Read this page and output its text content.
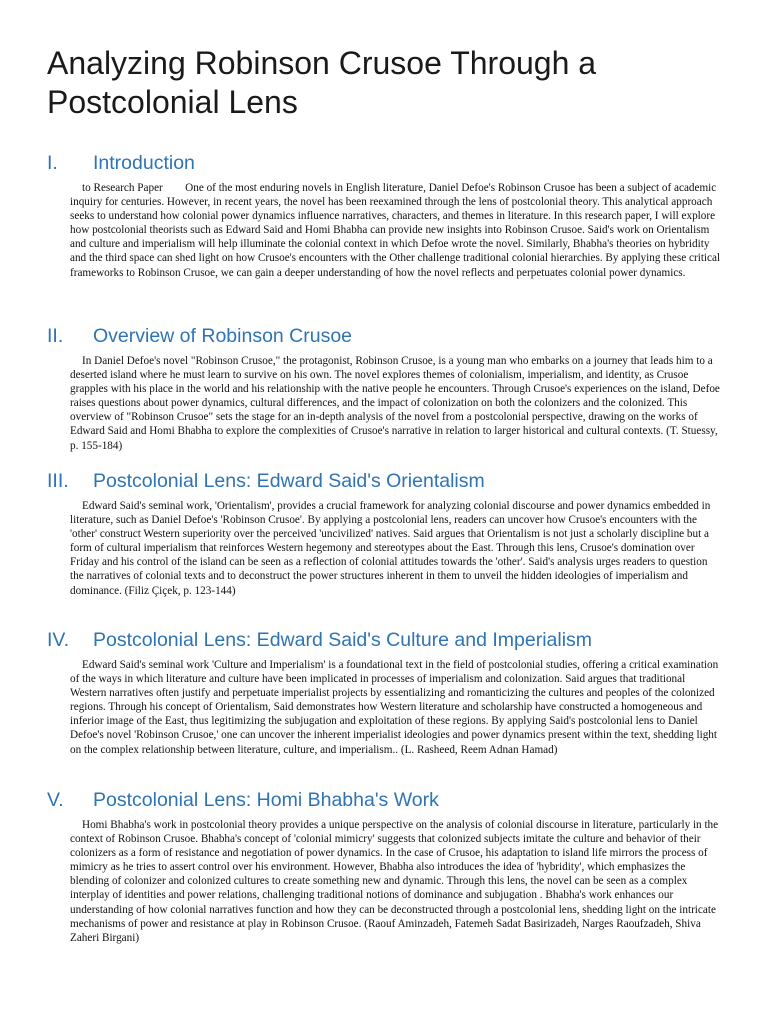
Analyzing Robinson Crusoe Through a Postcolonial Lens
I. Introduction

to Research Paper  One of the most enduring novels in English literature, Daniel Defoe's Robinson Crusoe has been a subject of academic inquiry for centuries. However, in recent years, the novel has been reexamined through the lens of postcolonial theory. This analytical approach seeks to understand how colonial power dynamics influence narratives, characters, and themes in literature. In this research paper, I will explore how postcolonial theorists such as Edward Said and Homi Bhabha can provide new insights into Robinson Crusoe. Said's work on Orientalism and culture and imperialism will help illuminate the colonial context in which Defoe wrote the novel. Similarly, Bhabha's theories on hybridity and the third space can shed light on how Crusoe's encounters with the Other challenge traditional colonial hierarchies. By applying these critical frameworks to Robinson Crusoe, we can gain a deeper understanding of how the novel reflects and perpetuates colonial power dynamics.

II. Overview of Robinson Crusoe

In Daniel Defoe's novel "Robinson Crusoe," the protagonist, Robinson Crusoe, is a young man who embarks on a journey that leads him to a deserted island where he must learn to survive on his own. The novel explores themes of colonialism, imperialism, and identity, as Crusoe grapples with his place in the world and his relationship with the native people he encounters. Through Crusoe's experiences on the island, Defoe raises questions about power dynamics, cultural differences, and the impact of colonization on both the colonizers and the colonized. This overview of "Robinson Crusoe" sets the stage for an in-depth analysis of the novel from a postcolonial perspective, drawing on the works of Edward Said and Homi Bhabha to explore the complexities of Crusoe's narrative in relation to larger historical and cultural contexts. (T. Stuessy, p. 155-184)

III. Postcolonial Lens: Edward Said's Orientalism

Edward Said's seminal work, 'Orientalism', provides a crucial framework for analyzing colonial discourse and power dynamics embedded in literature, such as Daniel Defoe's 'Robinson Crusoe'. By applying a postcolonial lens, readers can uncover how Crusoe's encounters with the 'other' construct Western superiority over the perceived 'uncivilized' natives. Said argues that Orientalism is not just a scholarly discipline but a form of cultural imperialism that reinforces Western hegemony and stereotypes about the East. Through this lens, Crusoe's domination over Friday and his control of the island can be seen as a reflection of colonial attitudes towards the 'other'. Said's analysis urges readers to question the narratives of colonial texts and to deconstruct the power structures inherent in them to unveil the hidden ideologies of imperialism and dominance. (Filiz Çiçek, p. 123-144)

IV. Postcolonial Lens: Edward Said's Culture and Imperialism

Edward Said's seminal work 'Culture and Imperialism' is a foundational text in the field of postcolonial studies, offering a critical examination of the ways in which literature and culture have been implicated in processes of imperialism and colonization. Said argues that traditional Western narratives often justify and perpetuate imperialist projects by essentializing and romanticizing the cultures and peoples of the colonized regions. Through his concept of Orientalism, Said demonstrates how Western literature and scholarship have constructed a homogeneous and inferior image of the East, thus legitimizing the subjugation and exploitation of these regions. By applying Said's postcolonial lens to Daniel Defoe's novel 'Robinson Crusoe,' one can uncover the inherent imperialist ideologies and power dynamics present within the text, shedding light on the complex relationship between literature, culture, and imperialism.. (L. Rasheed, Reem Adnan Hamad)

V. Postcolonial Lens: Homi Bhabha's Work

Homi Bhabha's work in postcolonial theory provides a unique perspective on the analysis of colonial discourse in literature, particularly in the context of Robinson Crusoe. Bhabha's concept of 'colonial mimicry' suggests that colonized subjects imitate the culture and behavior of their colonizers as a form of resistance and negotiation of power dynamics. In the case of Crusoe, his adaptation to island life mirrors the process of mimicry as he tries to assert control over his environment. However, Bhabha also introduces the idea of 'hybridity', which emphasizes the blending of colonizer and colonized cultures to create something new and dynamic. Through this lens, the novel can be seen as a complex interplay of identities and power relations, challenging traditional notions of dominance and subjugation . Bhabha's work enhances our understanding of how colonial narratives function and how they can be deconstructed through a postcolonial lens, shedding light on the intricate mechanisms of power and resistance at play in Robinson Crusoe. (Raouf Aminzadeh, Fatemeh Sadat Basirizadeh, Narges Raoufzadeh, Shiva Zaheri Birgani)
